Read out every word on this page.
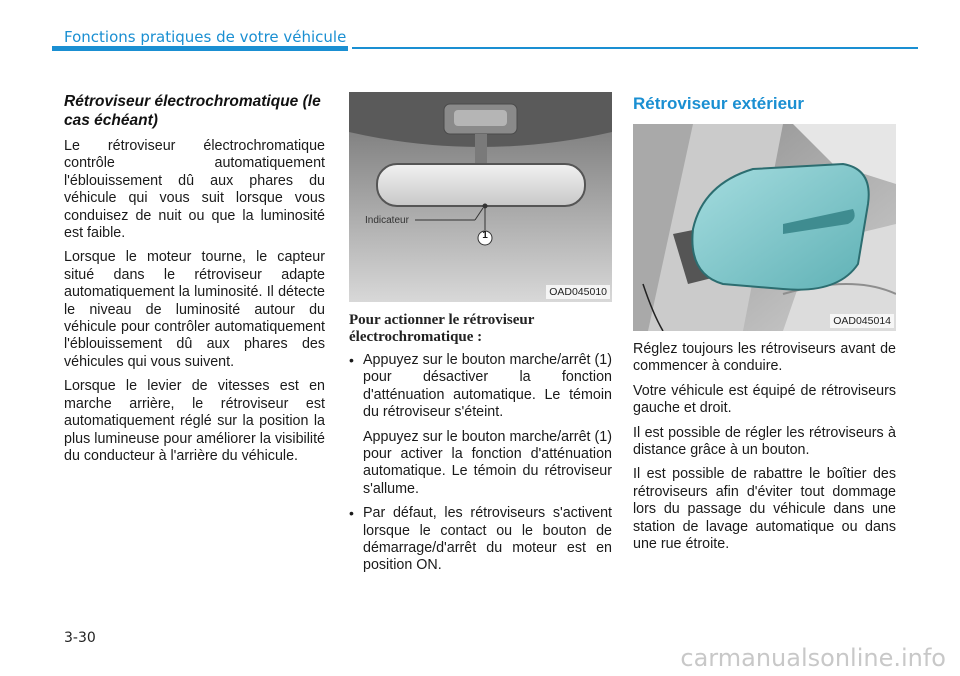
Fonctions pratiques de votre véhicule
Rétroviseur électrochromatique (le cas échéant)

Le rétroviseur électrochromatique contrôle automatiquement l'éblouissement dû aux phares du véhicule qui vous suit lorsque vous conduisez de nuit ou que la luminosité est faible.

Lorsque le moteur tourne, le capteur situé dans le rétroviseur adapte automatiquement la luminosité. Il détecte le niveau de luminosité autour du véhicule pour contrôler automatiquement l'éblouissement dû aux phares des véhicules qui vous suivent.

Lorsque le levier de vitesses est en marche arrière, le rétroviseur est automatiquement réglé sur la position la plus lumineuse pour améliorer la visibilité du conducteur à l'arrière du véhicule.

Indicateur
1
OAD045010
Pour actionner le rétroviseur électrochromatique :
• Appuyez sur le bouton marche/arrêt (1) pour désactiver la fonction d'atténuation automatique. Le témoin du rétroviseur s'éteint.
Appuyez sur le bouton marche/arrêt (1) pour activer la fonction d'atténuation automatique. Le témoin du rétroviseur s'allume.
• Par défaut, les rétroviseurs s'activent lorsque le contact ou le bouton de démarrage/d'arrêt du moteur est en position ON.
Rétroviseur extérieur
OAD045014

Réglez toujours les rétroviseurs avant de commencer à conduire.

Votre véhicule est équipé de rétroviseurs gauche et droit.

Il est possible de régler les rétroviseurs à distance grâce à un bouton.

Il est possible de rabattre le boîtier des rétroviseurs afin d'éviter tout dommage lors du passage du véhicule dans une station de lavage automatique ou dans une rue étroite.

3-30
carmanualsonline.info
